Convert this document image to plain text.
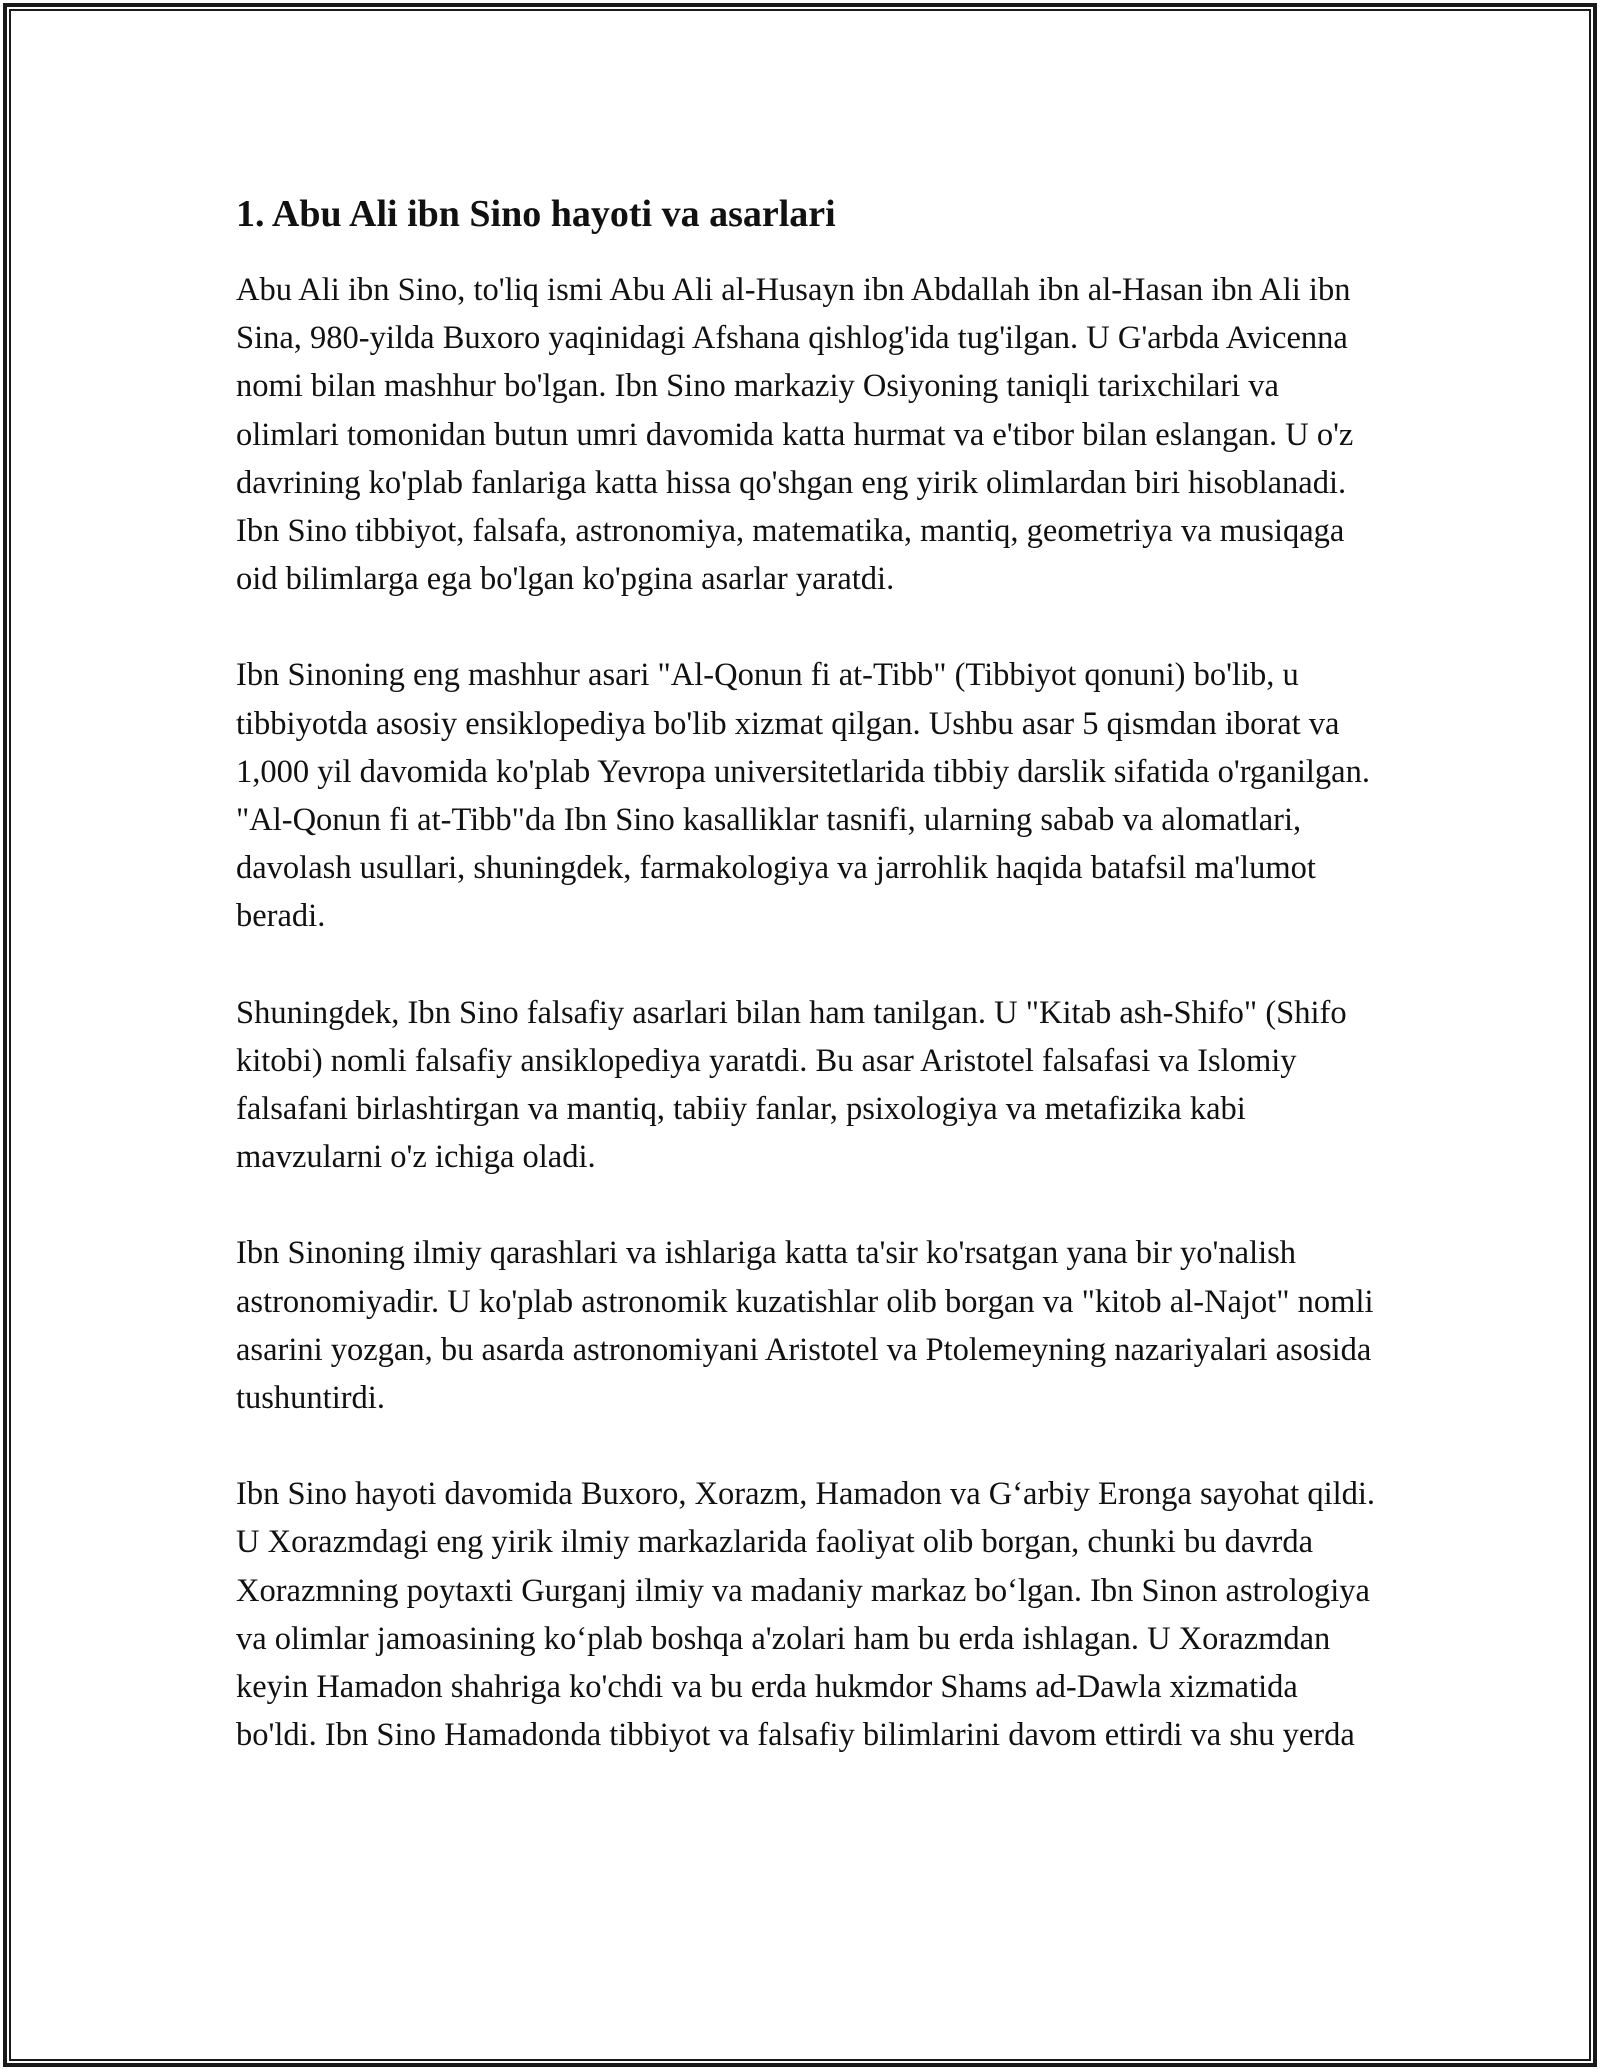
1. Abu Ali ibn Sino hayoti va asarlari

Abu Ali ibn Sino, to'liq ismi Abu Ali al-Husayn ibn Abdallah ibn al-Hasan ibn Ali ibn Sina, 980-yilda Buxoro yaqinidagi Afshana qishlog'ida tug'ilgan. U G'arbda Avicenna nomi bilan mashhur bo'lgan. Ibn Sino markaziy Osiyoning taniqli tarixchilari va olimlari tomonidan butun umri davomida katta hurmat va e'tibor bilan eslangan. U o'z davrining ko'plab fanlariga katta hissa qo'shgan eng yirik olimlardan biri hisoblanadi. Ibn Sino tibbiyot, falsafa, astronomiya, matematika, mantiq, geometriya va musiqaga oid bilimlarga ega bo'lgan ko'pgina asarlar yaratdi.

Ibn Sinoning eng mashhur asari "Al-Qonun fi at-Tibb" (Tibbiyot qonuni) bo'lib, u tibbiyotda asosiy ensiklopediya bo'lib xizmat qilgan. Ushbu asar 5 qismdan iborat va 1,000 yil davomida ko'plab Yevropa universitetlarida tibbiy darslik sifatida o'rganilgan. "Al-Qonun fi at-Tibb"da Ibn Sino kasalliklar tasnifi, ularning sabab va alomatlari, davolash usullari, shuningdek, farmakologiya va jarrohlik haqida batafsil ma'lumot beradi.

Shuningdek, Ibn Sino falsafiy asarlari bilan ham tanilgan. U "Kitab ash-Shifo" (Shifo kitobi) nomli falsafiy ansiklopediya yaratdi. Bu asar Aristotel falsafasi va Islomiy falsafani birlashtirgan va mantiq, tabiiy fanlar, psixologiya va metafizika kabi mavzularni o'z ichiga oladi.

Ibn Sinoning ilmiy qarashlari va ishlariga katta ta'sir ko'rsatgan yana bir yo'nalish astronomiyadir. U ko'plab astronomik kuzatishlar olib borgan va "kitob al-Najot" nomli asarini yozgan, bu asarda astronomiyani Aristotel va Ptolemeyning nazariyalari asosida tushuntirdi.

Ibn Sino hayoti davomida Buxoro, Xorazm, Hamadon va G‘arbiy Eronga sayohat qildi. U Xorazmdagi eng yirik ilmiy markazlarida faoliyat olib borgan, chunki bu davrda Xorazmning poytaxti Gurganj ilmiy va madaniy markaz bo‘lgan. Ibn Sinon astrologiya va olimlar jamoasining ko‘plab boshqa a'zolari ham bu erda ishlagan. U Xorazmdan keyin Hamadon shahriga ko'chdi va bu erda hukmdor Shams ad-Dawla xizmatida bo'ldi. Ibn Sino Hamadonda tibbiyot va falsafiy bilimlarini davom ettirdi va shu yerda
